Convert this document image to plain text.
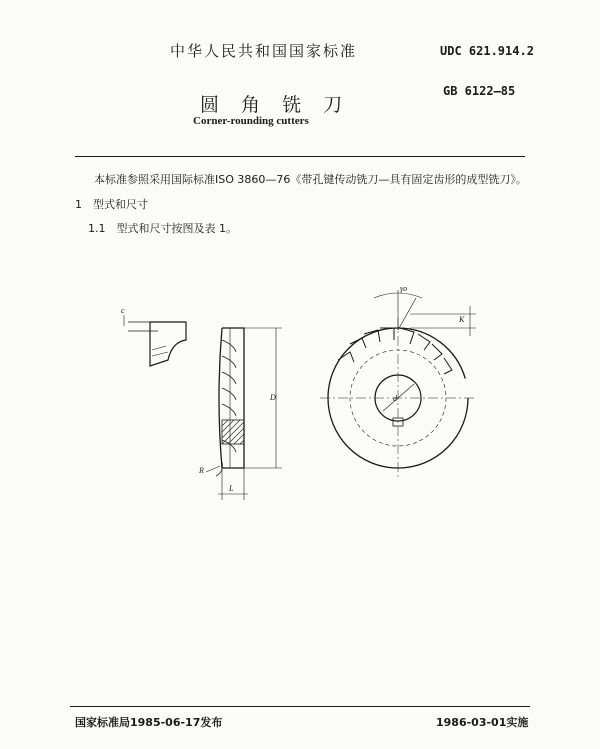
中华人民共和国国家标准	UDC 621.914.2
圆 角 铣 刀
GB 6122—85
Corner-rounding cutters
本标准参照采用国际标准ISO 3860—76《带孔键传动铣刀—具有固定齿形的成型铣刀》。
1　型式和尺寸
1.1　型式和尺寸按图及表 1。
c
D
R
L
K
γo
d
国家标准局1985-06-17发布	1986-03-01实施
